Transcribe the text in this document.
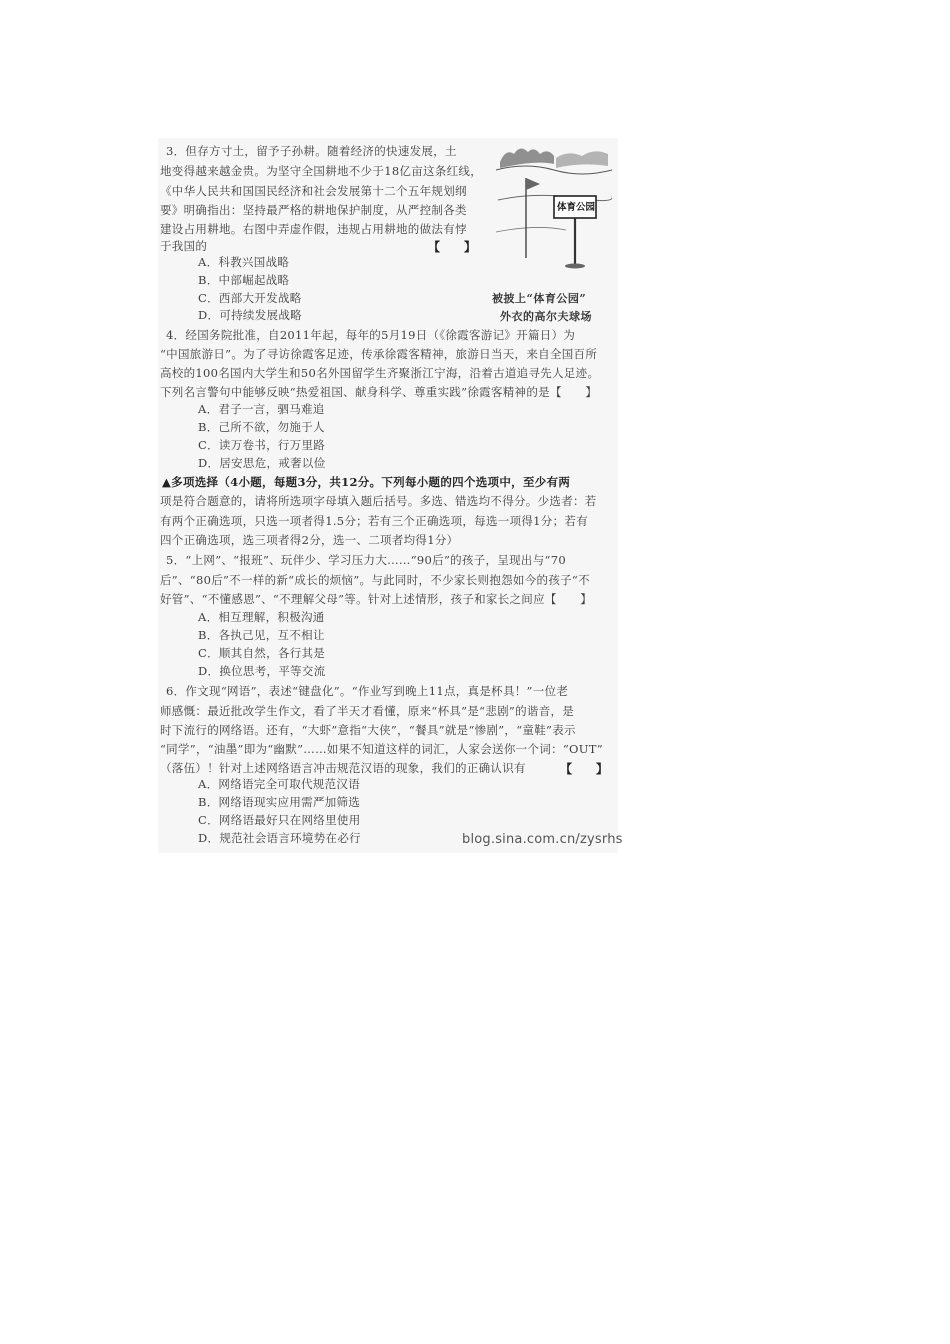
3．但存方寸土，留予子孙耕。随着经济的快速发展，土
地变得越来越金贵。为坚守全国耕地不少于18亿亩这条红线，
《中华人民共和国国民经济和社会发展第十二个五年规划纲
要》明确指出：坚持最严格的耕地保护制度，从严控制各类
建设占用耕地。右图中弄虚作假，违规占用耕地的做法有悖
于我国的	【　　】
A．科教兴国战略
B．中部崛起战略
C．西部大开发战略
D．可持续发展战略
体育公园
被披上“体育公园”
外衣的高尔夫球场
4．经国务院批准，自2011年起，每年的5月19日（《徐霞客游记》开篇日）为
“中国旅游日”。为了寻访徐霞客足迹，传承徐霞客精神，旅游日当天，来自全国百所
高校的100名国内大学生和50名外国留学生齐聚浙江宁海，沿着古道追寻先人足迹。
下列名言警句中能够反映“热爱祖国、献身科学、尊重实践”徐霞客精神的是【　　】
A．君子一言，驷马难追
B．己所不欲，勿施于人
C．读万卷书，行万里路
D．居安思危，戒奢以俭
▲多项选择（4小题，每题3分，共12分。下列每小题的四个选项中，至少有两
项是符合题意的，请将所选项字母填入题后括号。多选、错选均不得分。少选者：若
有两个正确选项，只选一项者得1.5分；若有三个正确选项，每选一项得1分；若有
四个正确选项，选三项者得2分，选一、二项者均得1分）
5．“上网”、“报班”、玩伴少、学习压力大……“90后”的孩子，呈现出与“70
后”、“80后”不一样的新“成长的烦恼”。与此同时，不少家长则抱怨如今的孩子“不
好管”、“不懂感恩”、“不理解父母”等。针对上述情形，孩子和家长之间应【　　】
A．相互理解，积极沟通
B．各执己见，互不相让
C．顺其自然，各行其是
D．换位思考，平等交流
6．作文现“网语”，表述“键盘化”。“作业写到晚上11点，真是杯具！”一位老
师感慨：最近批改学生作文，看了半天才看懂，原来“杯具”是“悲剧”的谐音，是
时下流行的网络语。还有，“大虾”意指“大侠”，“餐具”就是“惨剧”，“童鞋”表示
“同学”，“油墨”即为“幽默”……如果不知道这样的词汇，人家会送你一个词：“OUT”
（落伍）！针对上述网络语言冲击规范汉语的现象，我们的正确认识有	【　　】
A．网络语完全可取代规范汉语
B．网络语现实应用需严加筛选
C．网络语最好只在网络里使用
D．规范社会语言环境势在必行	blog.sina.com.cn/zysrhs
